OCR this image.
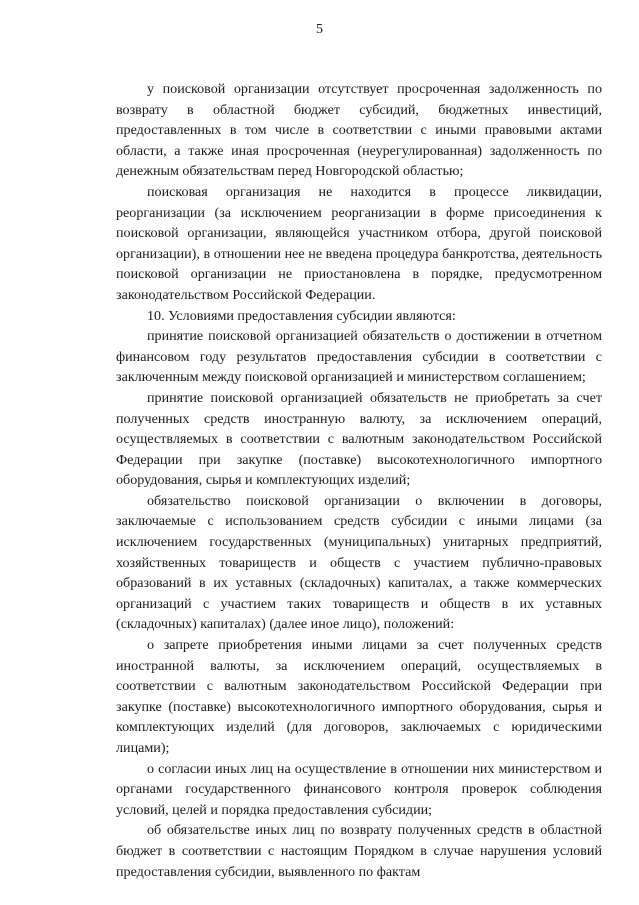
5

у поисковой организации отсутствует просроченная задолженность по возврату в областной бюджет субсидий, бюджетных инвестиций, предоставленных в том числе в соответствии с иными правовыми актами области, а также иная просроченная (неурегулированная) задолженность по денежным обязательствам перед Новгородской областью;

поисковая организация не находится в процессе ликвидации, реорганизации (за исключением реорганизации в форме присоединения к поисковой организации, являющейся участником отбора, другой поисковой организации), в отношении нее не введена процедура банкротства, деятельность поисковой организации не приостановлена в порядке, предусмотренном законодательством Российской Федерации.

10. Условиями предоставления субсидии являются:

принятие поисковой организацией обязательств о достижении в отчетном финансовом году результатов предоставления субсидии в соответствии с заключенным между поисковой организацией и министерством соглашением;

принятие поисковой организацией обязательств не приобретать за счет полученных средств иностранную валюту, за исключением операций, осуществляемых в соответствии с валютным законодательством Российской Федерации при закупке (поставке) высокотехнологичного импортного оборудования, сырья и комплектующих изделий;

обязательство поисковой организации о включении в договоры, заключаемые с использованием средств субсидии с иными лицами (за исключением государственных (муниципальных) унитарных предприятий, хозяйственных товариществ и обществ с участием публично-правовых образований в их уставных (складочных) капиталах, а также коммерческих организаций с участием таких товариществ и обществ в их уставных (складочных) капиталах) (далее иное лицо), положений:

о запрете приобретения иными лицами за счет полученных средств иностранной валюты, за исключением операций, осуществляемых в соответствии с валютным законодательством Российской Федерации при закупке (поставке) высокотехнологичного импортного оборудования, сырья и комплектующих изделий (для договоров, заключаемых с юридическими лицами);

о согласии иных лиц на осуществление в отношении них министерством и органами государственного финансового контроля проверок соблюдения условий, целей и порядка предоставления субсидии;

об обязательстве иных лиц по возврату полученных средств в областной бюджет в соответствии с настоящим Порядком в случае нарушения условий предоставления субсидии, выявленного по фактам
